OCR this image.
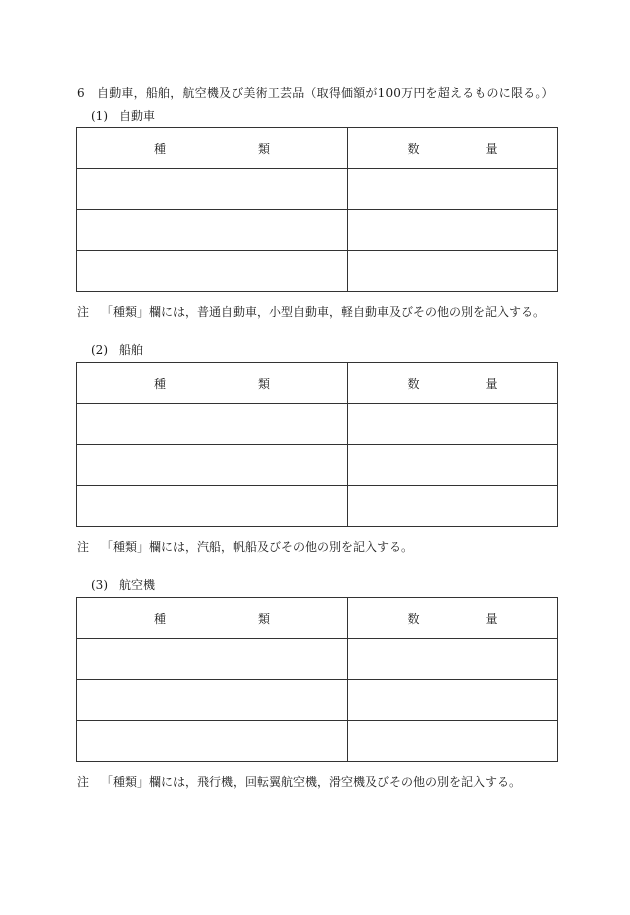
6　自動車，船舶，航空機及び美術工芸品（取得価額が100万円を超えるものに限る。）
(1) 自動車
種 類	数 量

注 「種類」欄には，普通自動車，小型自動車，軽自動車及びその他の別を記入する。
(2) 船舶
種 類	数 量

注 「種類」欄には，汽船，帆船及びその他の別を記入する。
(3) 航空機
種 類	数 量

注 「種類」欄には，飛行機，回転翼航空機，滑空機及びその他の別を記入する。
